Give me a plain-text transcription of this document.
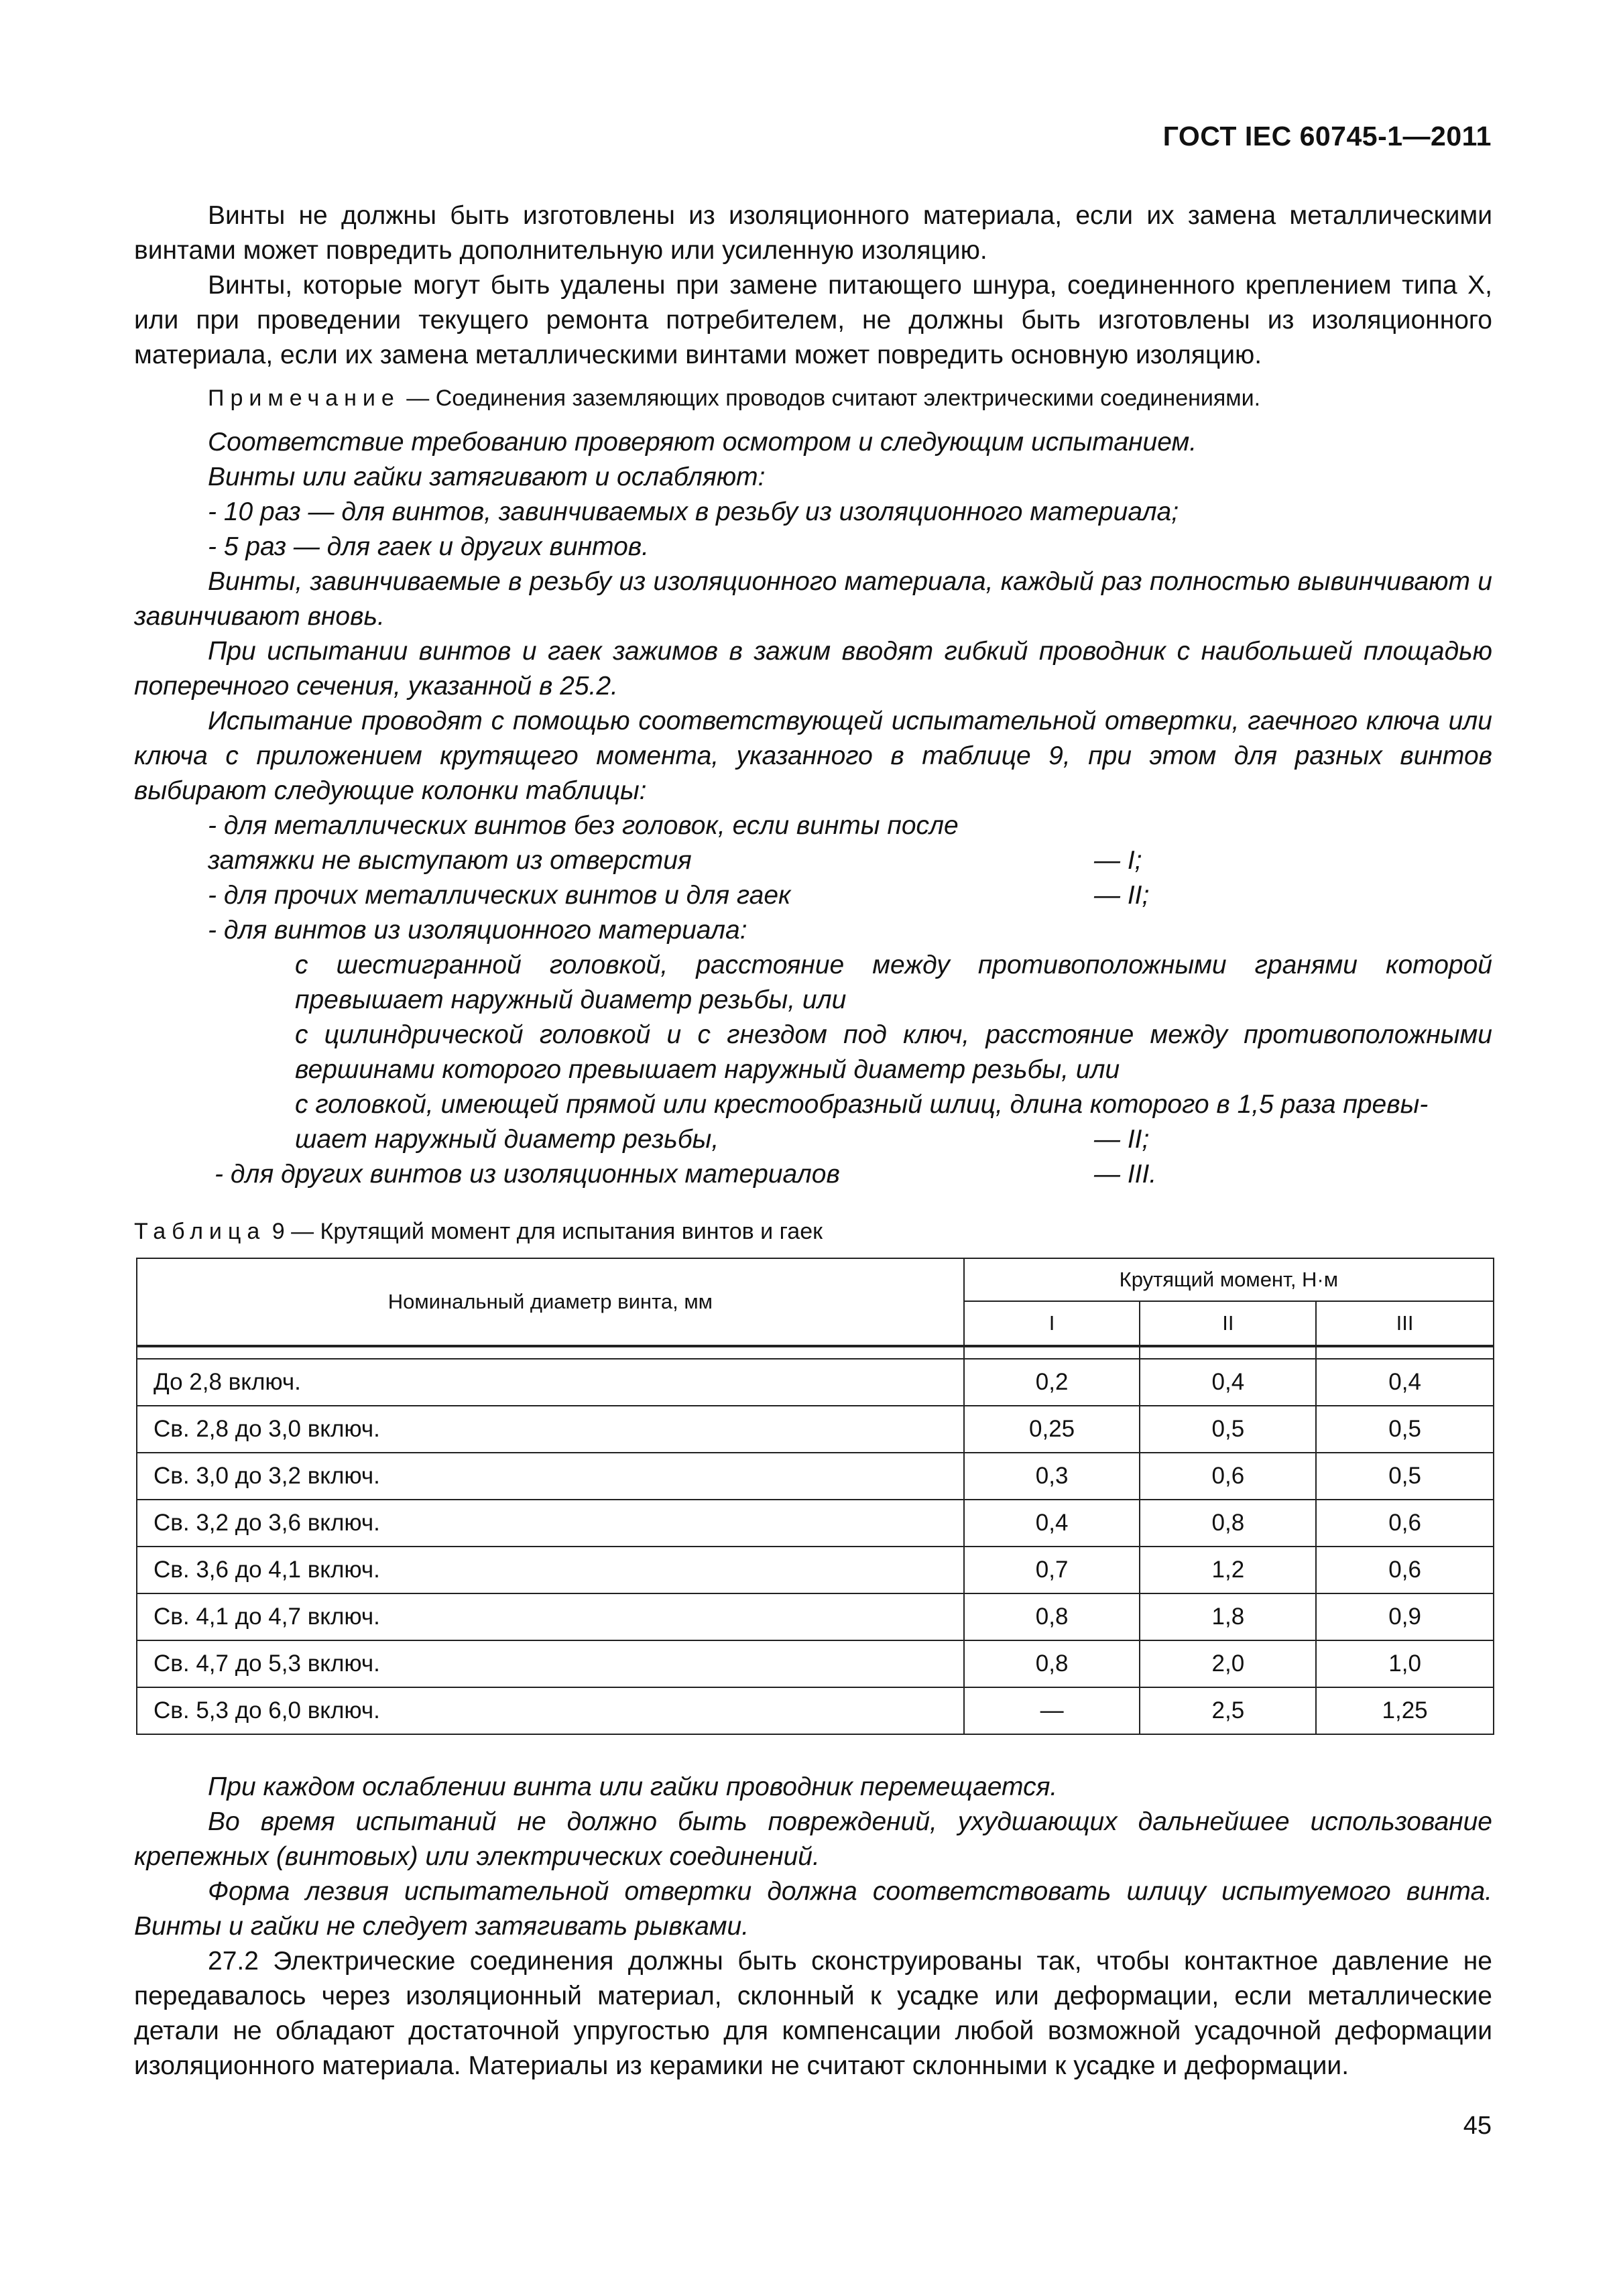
ГОСТ IEC 60745-1—2011

Винты не должны быть изготовлены из изоляционного материала, если их замена металлическими винтами может повредить дополнительную или усиленную изоляцию.

Винты, которые могут быть удалены при замене питающего шнура, соединенного креплением типа X, или при проведении текущего ремонта потребителем, не должны быть изготовлены из изоляционного материала, если их замена металлическими винтами может повредить основную изоляцию.

Примечание — Соединения заземляющих проводов считают электрическими соединениями.

Соответствие требованию проверяют осмотром и следующим испытанием.

Винты или гайки затягивают и ослабляют:

- 10 раз — для винтов, завинчиваемых в резьбу из изоляционного материала;

- 5 раз — для гаек и других винтов.

Винты, завинчиваемые в резьбу из изоляционного материала, каждый раз полностью вывинчивают и завинчивают вновь.

При испытании винтов и гаек зажимов в зажим вводят гибкий проводник с наибольшей площадью поперечного сечения, указанной в 25.2.

Испытание проводят с помощью соответствующей испытательной отвертки, гаечного ключа или ключа с приложением крутящего момента, указанного в таблице 9, при этом для разных винтов выбирают следующие колонки таблицы:

- для металлических винтов без головок, если винты после
затяжки не выступают из отверстия	— I;
- для прочих металлических винтов и для гаек	— II;
- для винтов из изоляционного материала:
с шестигранной головкой, расстояние между противоположными гранями которой превышает наружный диаметр резьбы, или
с цилиндрической головкой и с гнездом под ключ, расстояние между противоположными вершинами которого превышает наружный диаметр резьбы, или
с головкой, имеющей прямой или крестообразный шлиц, длина которого в 1,5 раза превы-
шает наружный диаметр резьбы,	— II;
- для других винтов из изоляционных материалов	— III.
Таблица 9 — Крутящий момент для испытания винтов и гаек
Номинальный диаметр винта, мм	Крутящий момент, Н·м		
	I	II	III

До 2,8 включ.	0,2	0,4	0,4
Св. 2,8 до 3,0 включ.	0,25	0,5	0,5
Св. 3,0 до 3,2 включ.	0,3	0,6	0,5
Св. 3,2 до 3,6 включ.	0,4	0,8	0,6
Св. 3,6 до 4,1 включ.	0,7	1,2	0,6
Св. 4,1 до 4,7 включ.	0,8	1,8	0,9
Св. 4,7 до 5,3 включ.	0,8	2,0	1,0
Св. 5,3 до 6,0 включ.	—	2,5	1,25

При каждом ослаблении винта или гайки проводник перемещается.

Во время испытаний не должно быть повреждений, ухудшающих дальнейшее использование крепежных (винтовых) или электрических соединений.

Форма лезвия испытательной отвертки должна соответствовать шлицу испытуемого винта. Винты и гайки не следует затягивать рывками.

27.2 Электрические соединения должны быть сконструированы так, чтобы контактное давление не передавалось через изоляционный материал, склонный к усадке или деформации, если металлические детали не обладают достаточной упругостью для компенсации любой возможной усадочной деформации изоляционного материала. Материалы из керамики не считают склонными к усадке и деформации.

45
